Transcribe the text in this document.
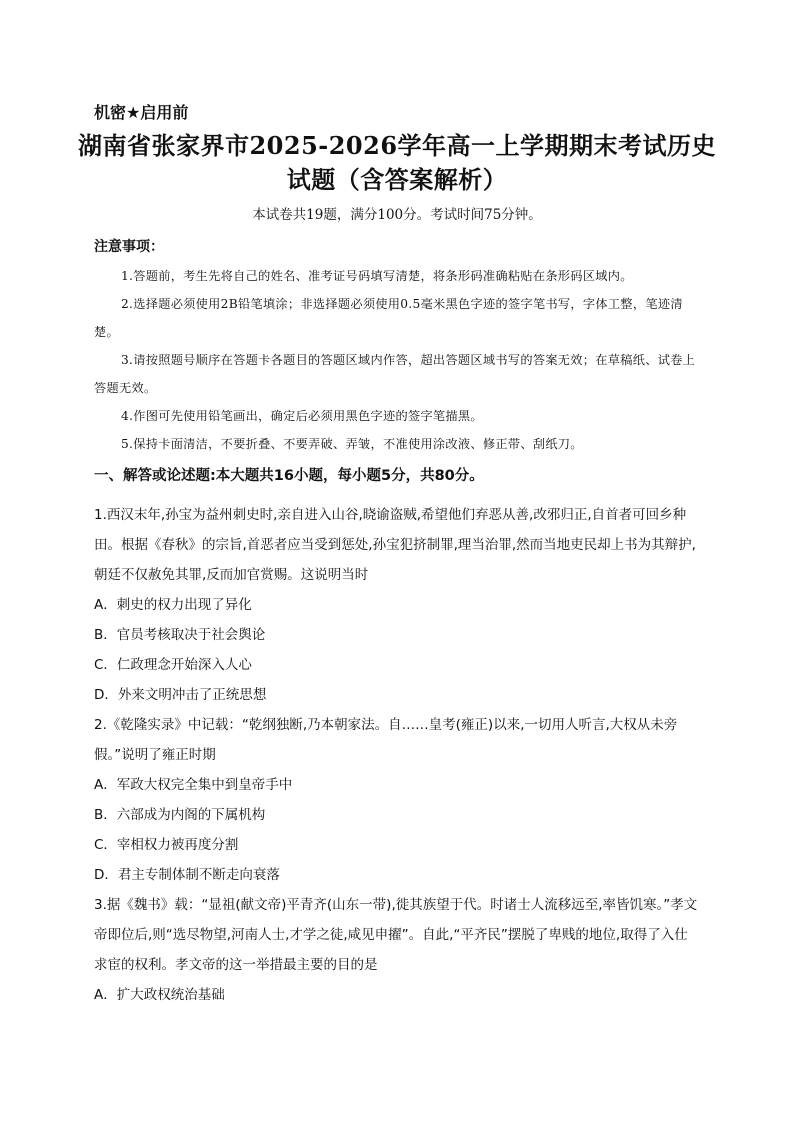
机密★启用前
湖南省张家界市2025-2026学年高一上学期期末考试历史
试题（含答案解析）
本试卷共19题，满分100分。考试时间75分钟。
注意事项：

1.答题前，考生先将自己的姓名、准考证号码填写清楚，将条形码准确粘贴在条形码区域内。

2.选择题必须使用2B铅笔填涂；非选择题必须使用0.5毫米黑色字迹的签字笔书写，字体工整，笔迹清楚。

3.请按照题号顺序在答题卡各题目的答题区域内作答，超出答题区域书写的答案无效；在草稿纸、试卷上答题无效。

4.作图可先使用铅笔画出，确定后必须用黑色字迹的签字笔描黑。

5.保持卡面清洁，不要折叠、不要弄破、弄皱，不准使用涂改液、修正带、刮纸刀。

一、解答或论述题:本大题共16小题，每小题5分，共80分。

1.西汉末年,孙宝为益州刺史时,亲自进入山谷,晓谕盗贼,希望他们弃恶从善,改邪归正,自首者可回乡种田。根据《春秋》的宗旨,首恶者应当受到惩处,孙宝犯挤制罪,理当治罪,然而当地吏民却上书为其辩护,朝廷不仅赦免其罪,反而加官赏赐。这说明当时

A．刺史的权力出现了异化

B．官员考核取决于社会舆论

C．仁政理念开始深入人心

D．外来文明冲击了正统思想

2.《乾隆实录》中记载：“乾纲独断,乃本朝家法。自……皇考(雍正)以来,一切用人听言,大权从未旁假。”说明了雍正时期

A．军政大权完全集中到皇帝手中

B．六部成为内阁的下属机构

C．宰相权力被再度分割

D．君主专制体制不断走向衰落

3.据《魏书》载：“显祖(献文帝)平青齐(山东一带),徙其族望于代。时诸士人流移远至,率皆饥寒。”孝文帝即位后,则“选尽物望,河南人士,才学之徒,咸见申擢”。自此,“平齐民”摆脱了卑贱的地位,取得了入仕求宦的权利。孝文帝的这一举措最主要的目的是

A．扩大政权统治基础
